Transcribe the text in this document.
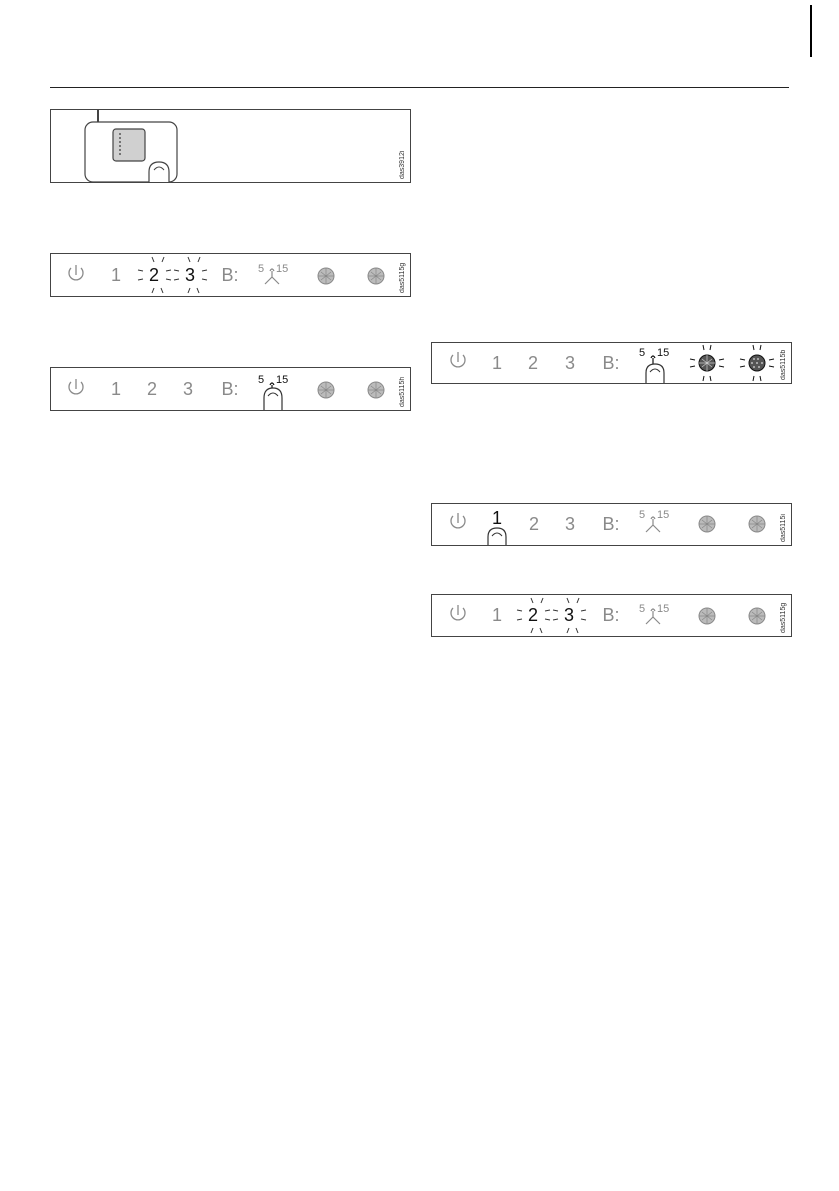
das3912i
1	2	3	B:	5 15	das5115g
1	2	3	B:	5 15	das5115h
1	2	3	B:	5 15	das5115b
1	2	3	B:	5 15	das5115i
1	2	3	B:	5 15	das5115g
